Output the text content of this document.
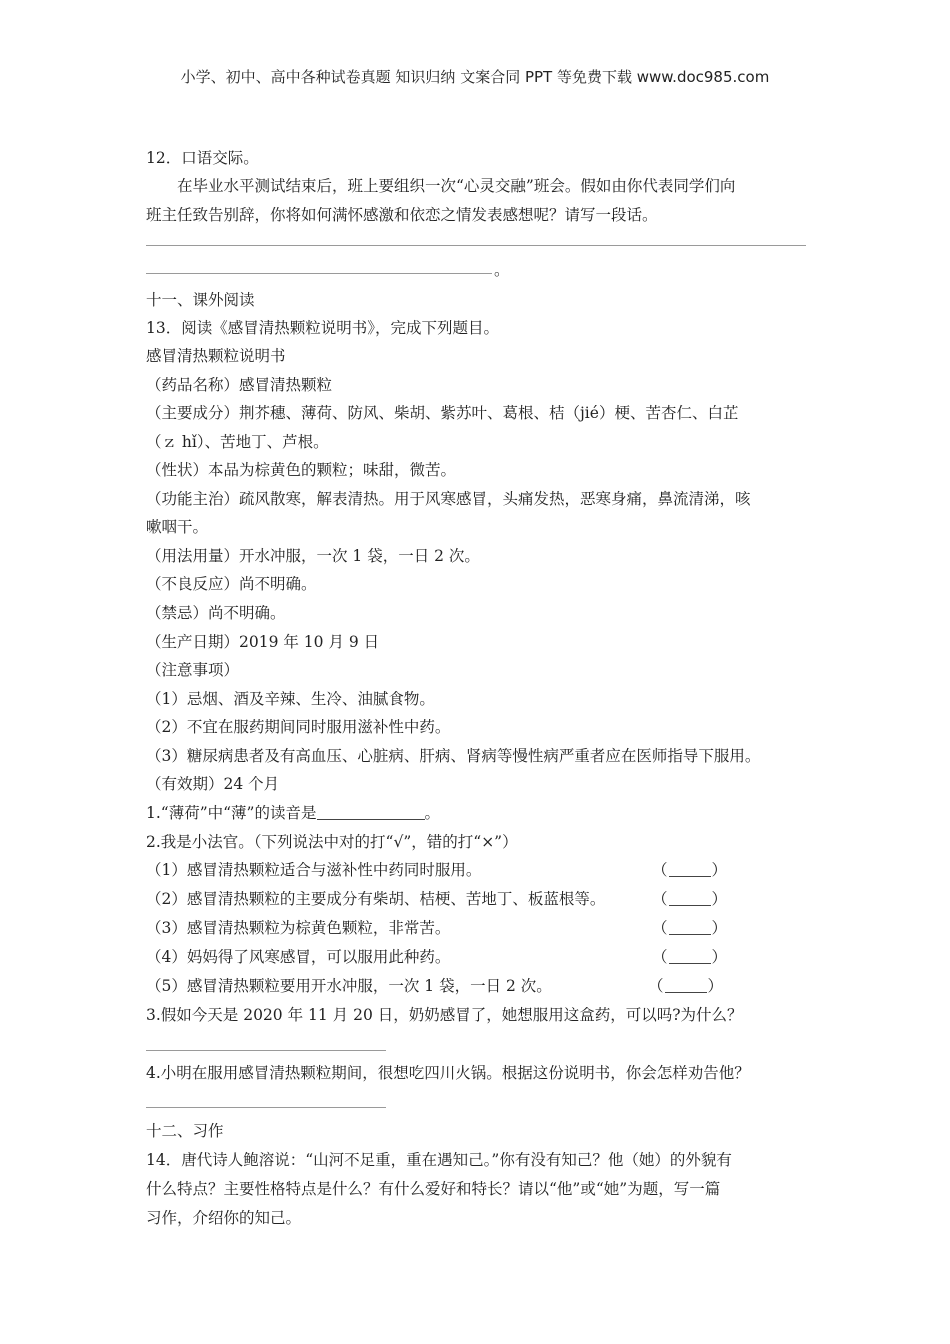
小学、初中、高中各种试卷真题 知识归纳 文案合同 PPT 等免费下载 www.doc985.com
12．口语交际。
在毕业水平测试结束后，班上要组织一次“心灵交融”班会。假如由你代表同学们向
班主任致告别辞，你将如何满怀感激和依恋之情发表感想呢？请写一段话。
。
十一、课外阅读
13．阅读《感冒清热颗粒说明书》，完成下列题目。
感冒清热颗粒说明书
（药品名称）感冒清热颗粒
（主要成分）荆芥穗、薄荷、防风、柴胡、紫苏叶、葛根、桔（jié）梗、苦杏仁、白芷
（ｚ hǐ）、苦地丁、芦根。
（性状）本品为棕黄色的颗粒；味甜，微苦。
（功能主治）疏风散寒，解表清热。用于风寒感冒，头痛发热，恶寒身痛，鼻流清涕，咳
嗽咽干。
（用法用量）开水冲服，一次 1 袋，一日 2 次。
（不良反应）尚不明确。
（禁忌）尚不明确。
（生产日期）2019 年 10 月 9 日
（注意事项）
（1）忌烟、酒及辛辣、生冷、油腻食物。
（2）不宜在服药期间同时服用滋补性中药。
（3）糖尿病患者及有高血压、心脏病、肝病、肾病等慢性病严重者应在医师指导下服用。
（有效期）24 个月
1.“薄荷”中“薄”的读音是	。
2.我是小法官。（下列说法中对的打“√”，错的打“×”）
（1）感冒清热颗粒适合与滋补性中药同时服用。	（	）
（2）感冒清热颗粒的主要成分有柴胡、桔梗、苦地丁、板蓝根等。	（	）
（3）感冒清热颗粒为棕黄色颗粒，非常苦。	（	）
（4）妈妈得了风寒感冒，可以服用此种药。	（	）
（5）感冒清热颗粒要用开水冲服，一次 1 袋，一日 2 次。	（	）
3.假如今天是 2020 年 11 月 20 日，奶奶感冒了，她想服用这盒药，可以吗?为什么？
4.小明在服用感冒清热颗粒期间，很想吃四川火锅。根据这份说明书，你会怎样劝告他？
十二、习作
14．唐代诗人鲍溶说：“山河不足重，重在遇知己。”你有没有知己？他（她）的外貌有
什么特点？主要性格特点是什么？有什么爱好和特长？请以“他”或“她”为题，写一篇
习作，介绍你的知己。
